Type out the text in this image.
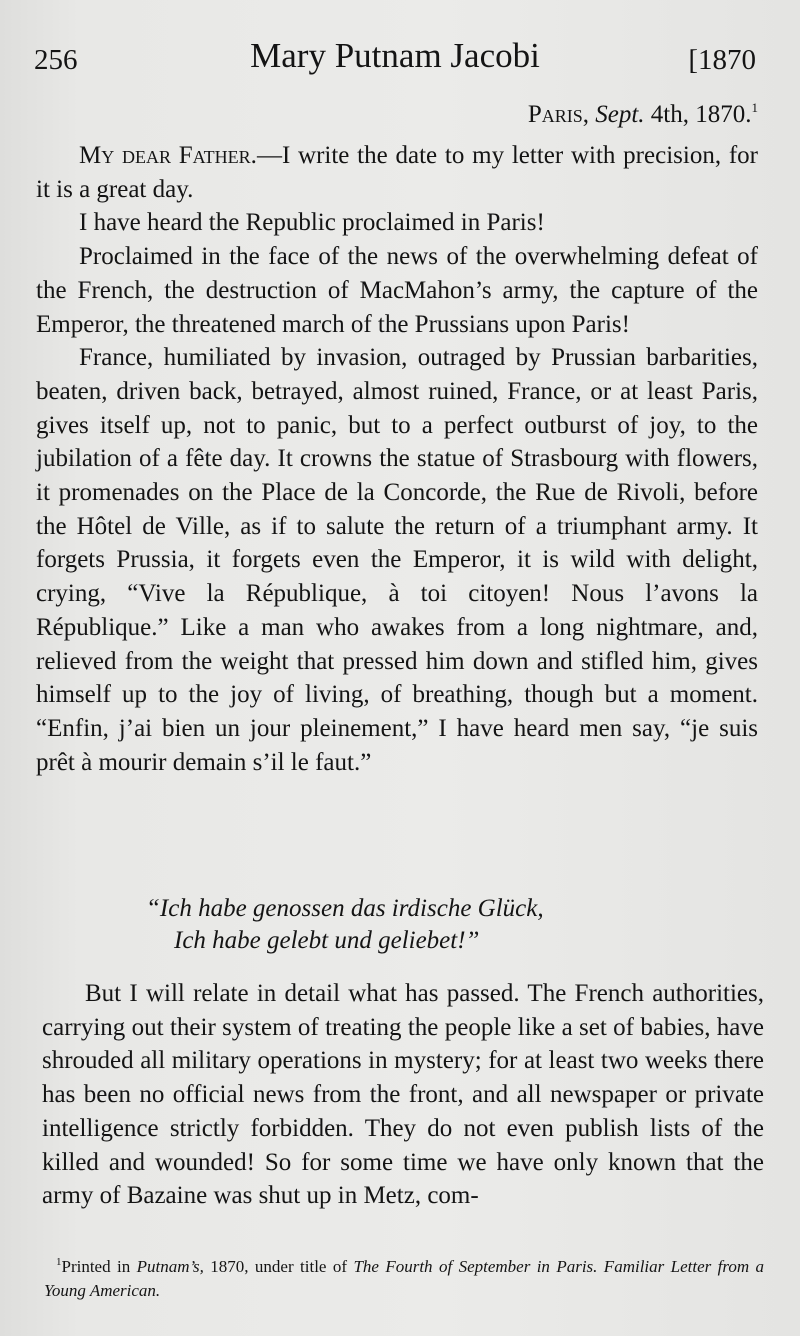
256	Mary Putnam Jacobi	[1870
Paris, Sept. 4th, 1870.$^1$

My dear Father.—I write the date to my letter with precision, for it is a great day.

I have heard the Republic proclaimed in Paris!

Proclaimed in the face of the news of the overwhelming defeat of the French, the destruction of MacMahon’s army, the capture of the Emperor, the threatened march of the Prussians upon Paris!

France, humiliated by invasion, outraged by Prussian barbarities, beaten, driven back, betrayed, almost ruined, France, or at least Paris, gives itself up, not to panic, but to a perfect outburst of joy, to the jubilation of a fête day. It crowns the statue of Strasbourg with flowers, it promenades on the Place de la Concorde, the Rue de Rivoli, before the Hôtel de Ville, as if to salute the return of a triumphant army. It forgets Prussia, it forgets even the Emperor, it is wild with delight, crying, “Vive la République, à toi citoyen! Nous l’avons la République.” Like a man who awakes from a long nightmare, and, relieved from the weight that pressed him down and stifled him, gives himself up to the joy of living, of breathing, though but a moment. “Enfin, j’ai bien un jour pleinement,” I have heard men say, “je suis prêt à mourir demain s’il le faut.”

“Ich habe genossen das irdische Glück,
Ich habe gelebt und geliebet!”

But I will relate in detail what has passed. The French authorities, carrying out their system of treating the people like a set of babies, have shrouded all military operations in mystery; for at least two weeks there has been no official news from the front, and all newspaper or private intelligence strictly forbidden. They do not even publish lists of the killed and wounded! So for some time we have only known that the army of Bazaine was shut up in Metz, com-

$^1$Printed in Putnam’s, 1870, under title of The Fourth of September in Paris. Familiar Letter from a Young American.
